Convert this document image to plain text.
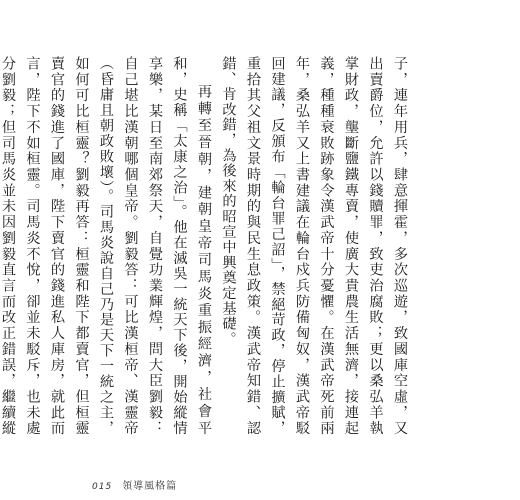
子，連年用兵，肆意揮霍，多次巡遊，致國庫空虛，又出賣爵位，允許以錢贖罪，致吏治腐敗；更以桑弘羊執掌財政，壟斷鹽鐵專賣，使廣大貴農生活無濟，接連起義，種種衰敗跡象令漢武帝十分憂懼。在漢武帝死前兩年，桑弘羊又上書建議在輪台戍兵防備匈奴，漢武帝駁回建議，反頒布「輪台罪己詔」，禁絕苛政，停止擴賦，重拾其父祖文景時期的與民生息政策。漢武帝知錯、認錯、肯改錯，為後來的昭宣中興奠定基礎。

再轉至晉朝，建朝皇帝司馬炎重振經濟，社會平和，史稱「太康之治」。他在滅吳一統天下後，開始縱情享樂，某日至南郊祭天，自覺功業輝煌，問大臣劉毅：自己堪比漢朝哪個皇帝。劉毅答：可比漢桓帝、漢靈帝（昏庸且朝政敗壞）。司馬炎說自己乃是天下一統之主，如何可比桓靈？劉毅再答：桓靈和陛下都賣官，但桓靈賣官的錢進了國庫，陛下賣官的錢進私人庫房，就此而言，陛下不如桓靈。司馬炎不悅，卻並未駁斥，也未處分劉毅；但司馬炎並未因劉毅直言而改正錯誤，繼續縱

015 領導風格篇
